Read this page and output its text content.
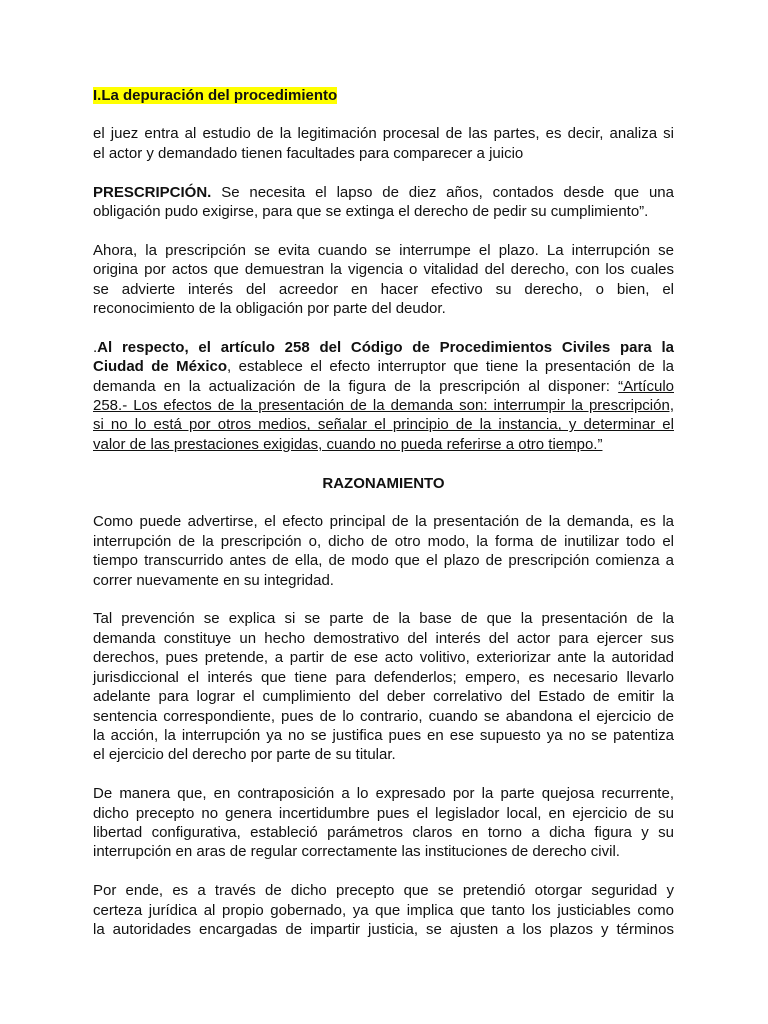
I.La depuración del procedimiento

el juez entra al estudio de la legitimación procesal de las partes, es decir, analiza si
el actor y demandado tienen facultades para comparecer a juicio

PRESCRIPCIÓN. Se necesita el lapso de diez años, contados desde que una
obligación pudo exigirse, para que se extinga el derecho de pedir su cumplimiento”.

Ahora, la prescripción se evita cuando se interrumpe el plazo. La interrupción se
origina por actos que demuestran la vigencia o vitalidad del derecho, con los cuales
se advierte interés del acreedor en hacer efectivo su derecho, o bien, el
reconocimiento de la obligación por parte del deudor.

.Al respecto, el artículo 258 del Código de Procedimientos Civiles para la
Ciudad de México, establece el efecto interruptor que tiene la presentación de la
demanda en la actualización de la figura de la prescripción al disponer: “Artículo
258.- Los efectos de la presentación de la demanda son: interrumpir la prescripción,
si no lo está por otros medios, señalar el principio de la instancia, y determinar el
valor de las prestaciones exigidas, cuando no pueda referirse a otro tiempo.”

RAZONAMIENTO

Como puede advertirse, el efecto principal de la presentación de la demanda, es la
interrupción de la prescripción o, dicho de otro modo, la forma de inutilizar todo el
tiempo transcurrido antes de ella, de modo que el plazo de prescripción comienza a
correr nuevamente en su integridad.

Tal prevención se explica si se parte de la base de que la presentación de la
demanda constituye un hecho demostrativo del interés del actor para ejercer sus
derechos, pues pretende, a partir de ese acto volitivo, exteriorizar ante la autoridad
jurisdiccional el interés que tiene para defenderlos; empero, es necesario llevarlo
adelante para lograr el cumplimiento del deber correlativo del Estado de emitir la
sentencia correspondiente, pues de lo contrario, cuando se abandona el ejercicio de
la acción, la interrupción ya no se justifica pues en ese supuesto ya no se patentiza
el ejercicio del derecho por parte de su titular.

De manera que, en contraposición a lo expresado por la parte quejosa recurrente,
dicho precepto no genera incertidumbre pues el legislador local, en ejercicio de su
libertad configurativa, estableció parámetros claros en torno a dicha figura y su
interrupción en aras de regular correctamente las instituciones de derecho civil.

Por ende, es a través de dicho precepto que se pretendió otorgar seguridad y
certeza jurídica al propio gobernado, ya que implica que tanto los justiciables como
la autoridades encargadas de impartir justicia, se ajusten a los plazos y términos
